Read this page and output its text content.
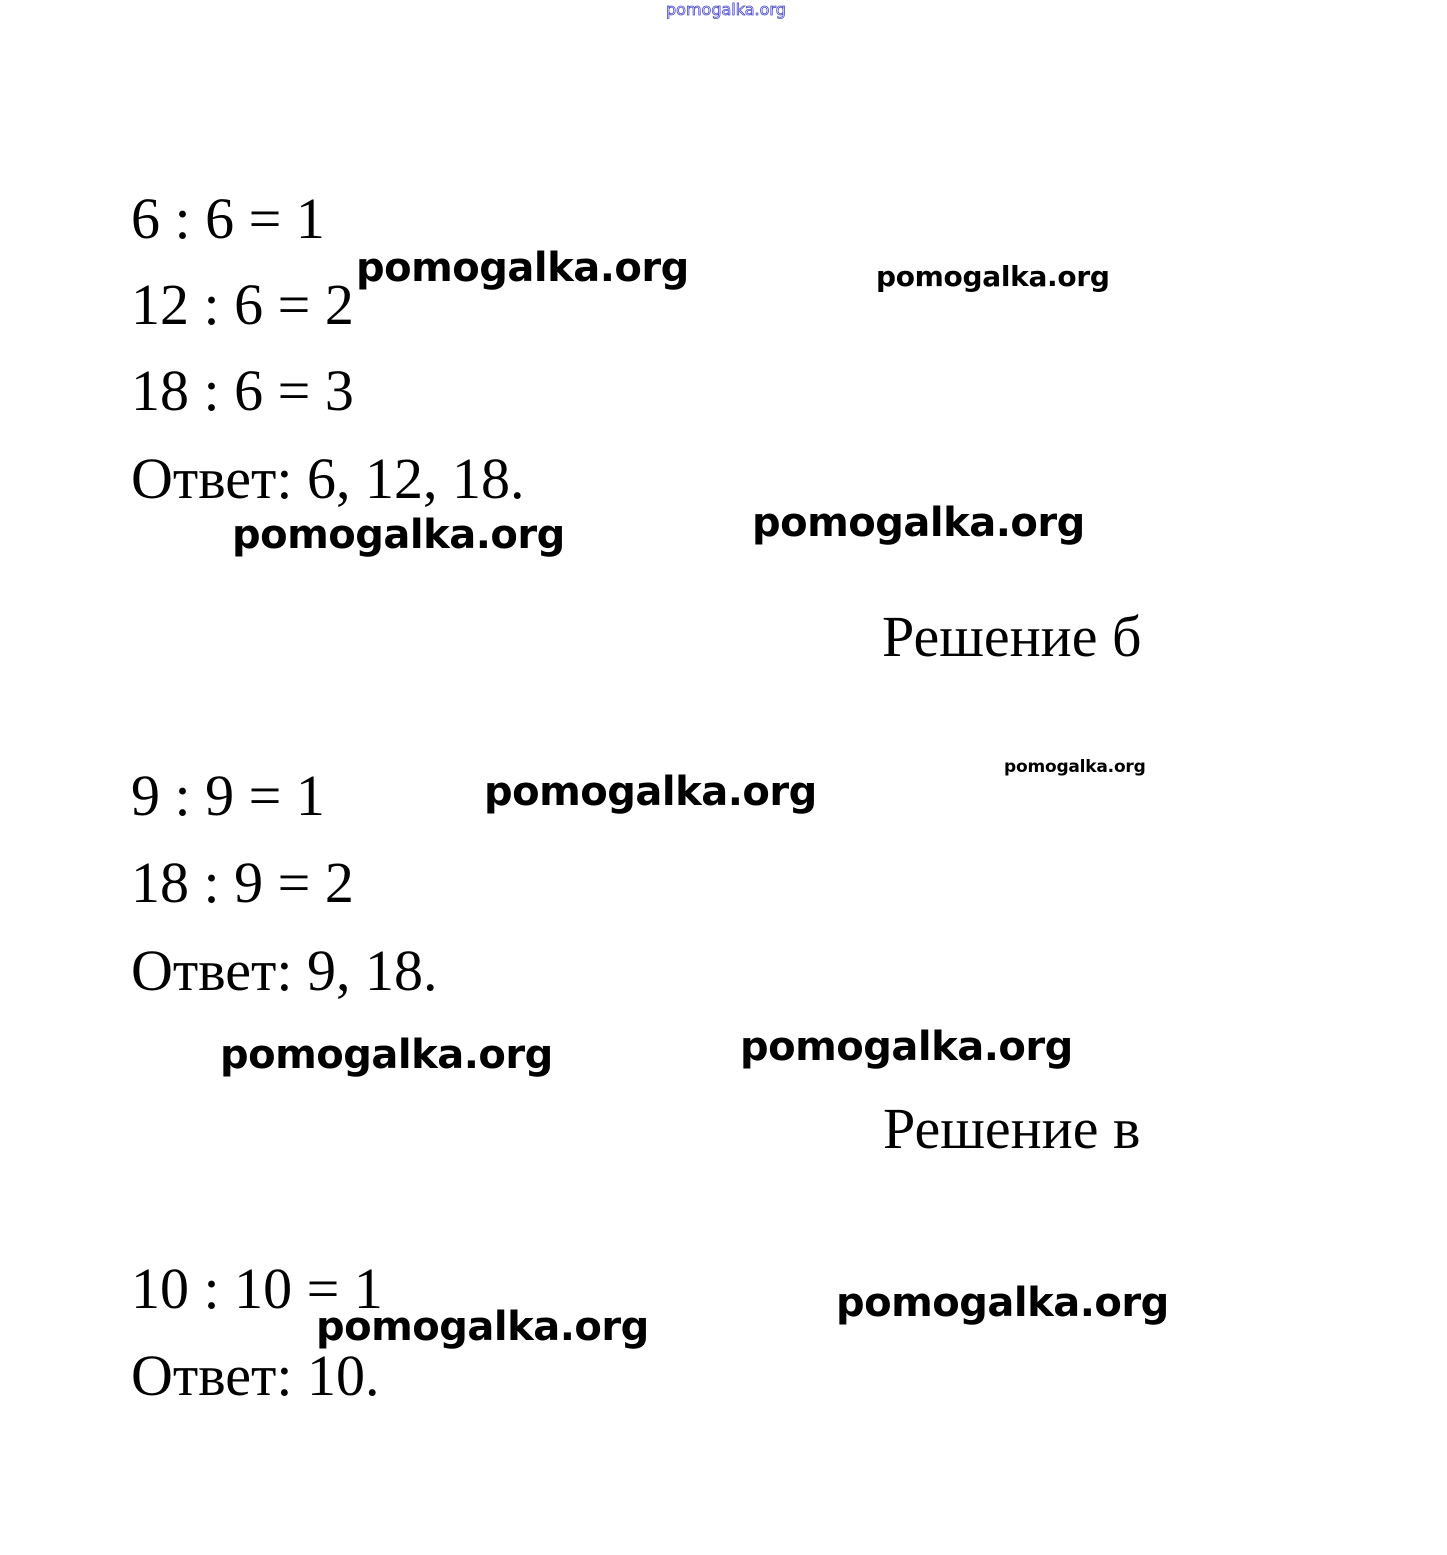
pomogalka.org
6 : 6 = 1
12 : 6 = 2
18 : 6 = 3
Ответ: 6, 12, 18.
Решение б
9 : 9 = 1
18 : 9 = 2
Ответ: 9, 18.
Решение в
10 : 10 = 1
Ответ: 10.
pomogalka.org	pomogalka.org
pomogalka.org	pomogalka.org
pomogalka.org
pomogalka.org
pomogalka.org	pomogalka.org
pomogalka.org
pomogalka.org
